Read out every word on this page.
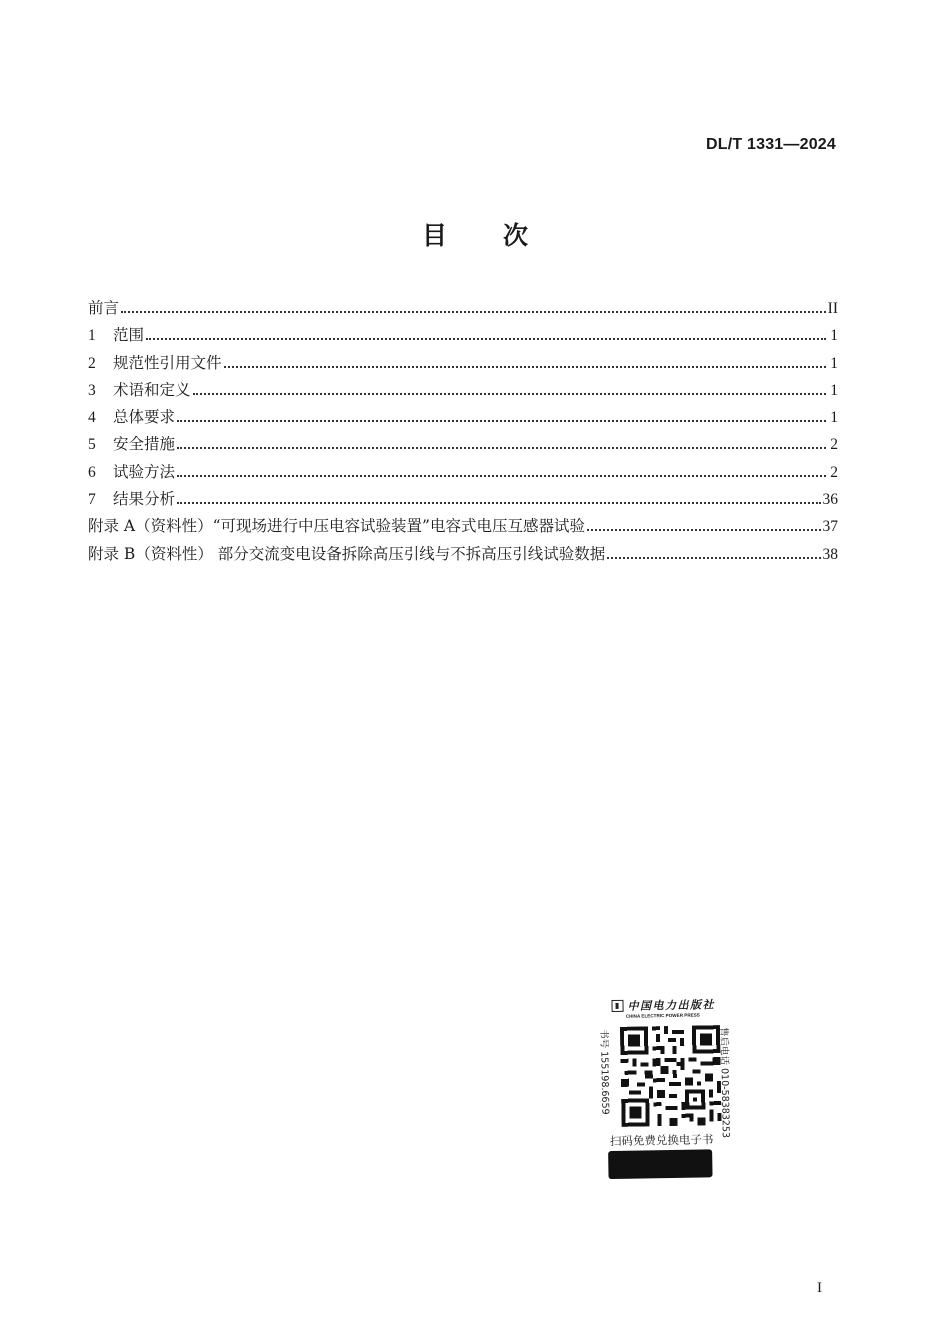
DL/T 1331—2024
目 次
前言	II
1	范围	1
2	规范性引用文件	1
3	术语和定义	1
4	总体要求	1
5	安全措施	2
6	试验方法	2
7	结果分析	36
附录 A（资料性）“可现场进行中压电容试验装置”电容式电压互感器试验	37
附录 B（资料性） 部分交流变电设备拆除高压引线与不拆高压引线试验数据	38
中国电力出版社
CHINA ELECTRIC POWER PRESS
书号 155198.6659	售后电话 010-58383253
扫码免费兑换电子书
I
